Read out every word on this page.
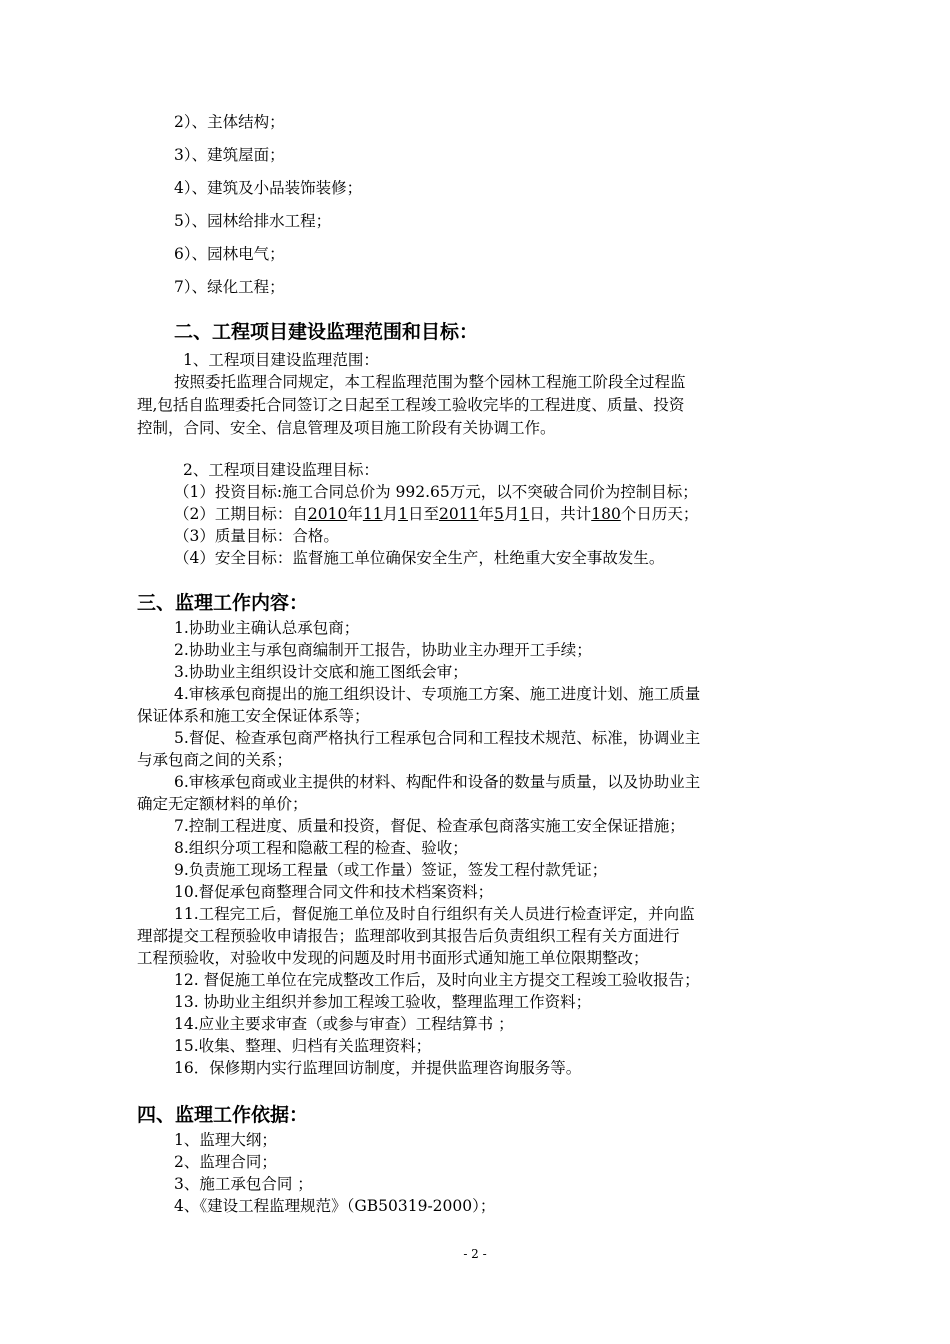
2）、主体结构；

3）、建筑屋面；

4）、建筑及小品装饰装修；

5）、园林给排水工程；

6）、园林电气；

7）、绿化工程；

二、工程项目建设监理范围和目标：

1、工程项目建设监理范围：

按照委托监理合同规定，本工程监理范围为整个园林工程施工阶段全过程监

理,包括自监理委托合同签订之日起至工程竣工验收完毕的工程进度、质量、投资

控制，合同、安全、信息管理及项目施工阶段有关协调工作。

2、工程项目建设监理目标：

（1）投资目标:施工合同总价为 992.65万元，以不突破合同价为控制目标；

（2）工期目标：自2010年11月1日至2011年5月1日，共计180个日历天；

（3）质量目标：合格。

（4）安全目标：监督施工单位确保安全生产，杜绝重大安全事故发生。

三、监理工作内容：

1.协助业主确认总承包商；

2.协助业主与承包商编制开工报告，协助业主办理开工手续；

3.协助业主组织设计交底和施工图纸会审；

4.审核承包商提出的施工组织设计、专项施工方案、施工进度计划、施工质量

保证体系和施工安全保证体系等；

5.督促、检查承包商严格执行工程承包合同和工程技术规范、标准，协调业主

与承包商之间的关系；

6.审核承包商或业主提供的材料、构配件和设备的数量与质量，以及协助业主

确定无定额材料的单价；

7.控制工程进度、质量和投资，督促、检查承包商落实施工安全保证措施；

8.组织分项工程和隐蔽工程的检查、验收；

9.负责施工现场工程量（或工作量）签证，签发工程付款凭证；

10.督促承包商整理合同文件和技术档案资料；

11.工程完工后，督促施工单位及时自行组织有关人员进行检查评定，并向监

理部提交工程预验收申请报告；监理部收到其报告后负责组织工程有关方面进行

工程预验收，对验收中发现的问题及时用书面形式通知施工单位限期整改；

12. 督促施工单位在完成整改工作后，及时向业主方提交工程竣工验收报告；

13. 协助业主组织并参加工程竣工验收，整理监理工作资料；

14.应业主要求审查（或参与审查）工程结算书 ；

15.收集、整理、归档有关监理资料；

16．保修期内实行监理回访制度，并提供监理咨询服务等。

四、监理工作依据：

1、监理大纲；

2、监理合同；

3、施工承包合同 ；

4、《建设工程监理规范》（GB50319-2000）；

- 2 -
